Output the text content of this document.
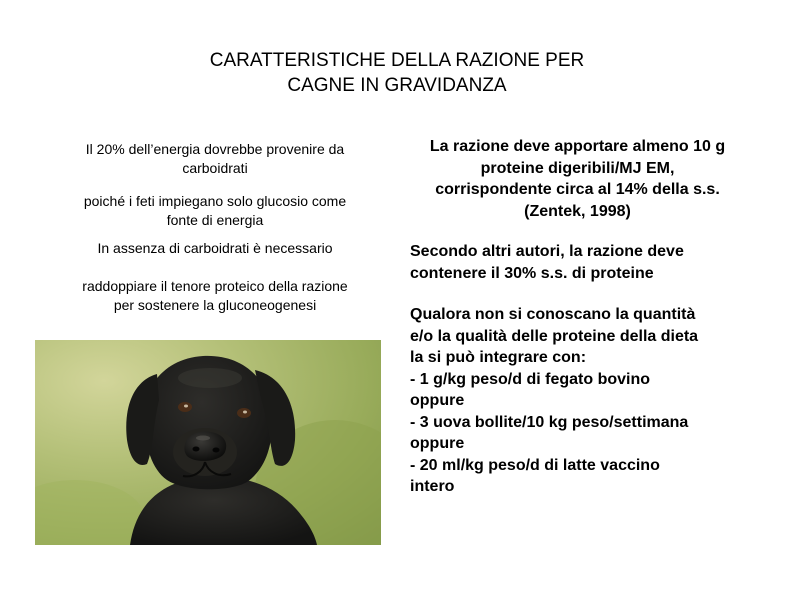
CARATTERISTICHE DELLA RAZIONE PER
CAGNE IN GRAVIDANZA
Il 20% dell’energia dovrebbe provenire da
carboidrati
poiché i feti impiegano solo glucosio come
fonte di energia
In assenza di carboidrati è necessario
raddoppiare il tenore proteico della razione
per sostenere la gluconeogenesi
La razione deve apportare almeno 10 g
proteine digeribili/MJ EM,
corrispondente circa al 14% della s.s.
(Zentek, 1998)
Secondo altri autori, la razione deve
contenere il 30% s.s. di proteine
Qualora non si conoscano la quantità
e/o la qualità delle proteine della dieta
la si può integrare con:
- 1 g/kg peso/d di fegato bovino
oppure
- 3 uova bollite/10 kg peso/settimana
oppure
- 20 ml/kg peso/d di latte vaccino
intero
